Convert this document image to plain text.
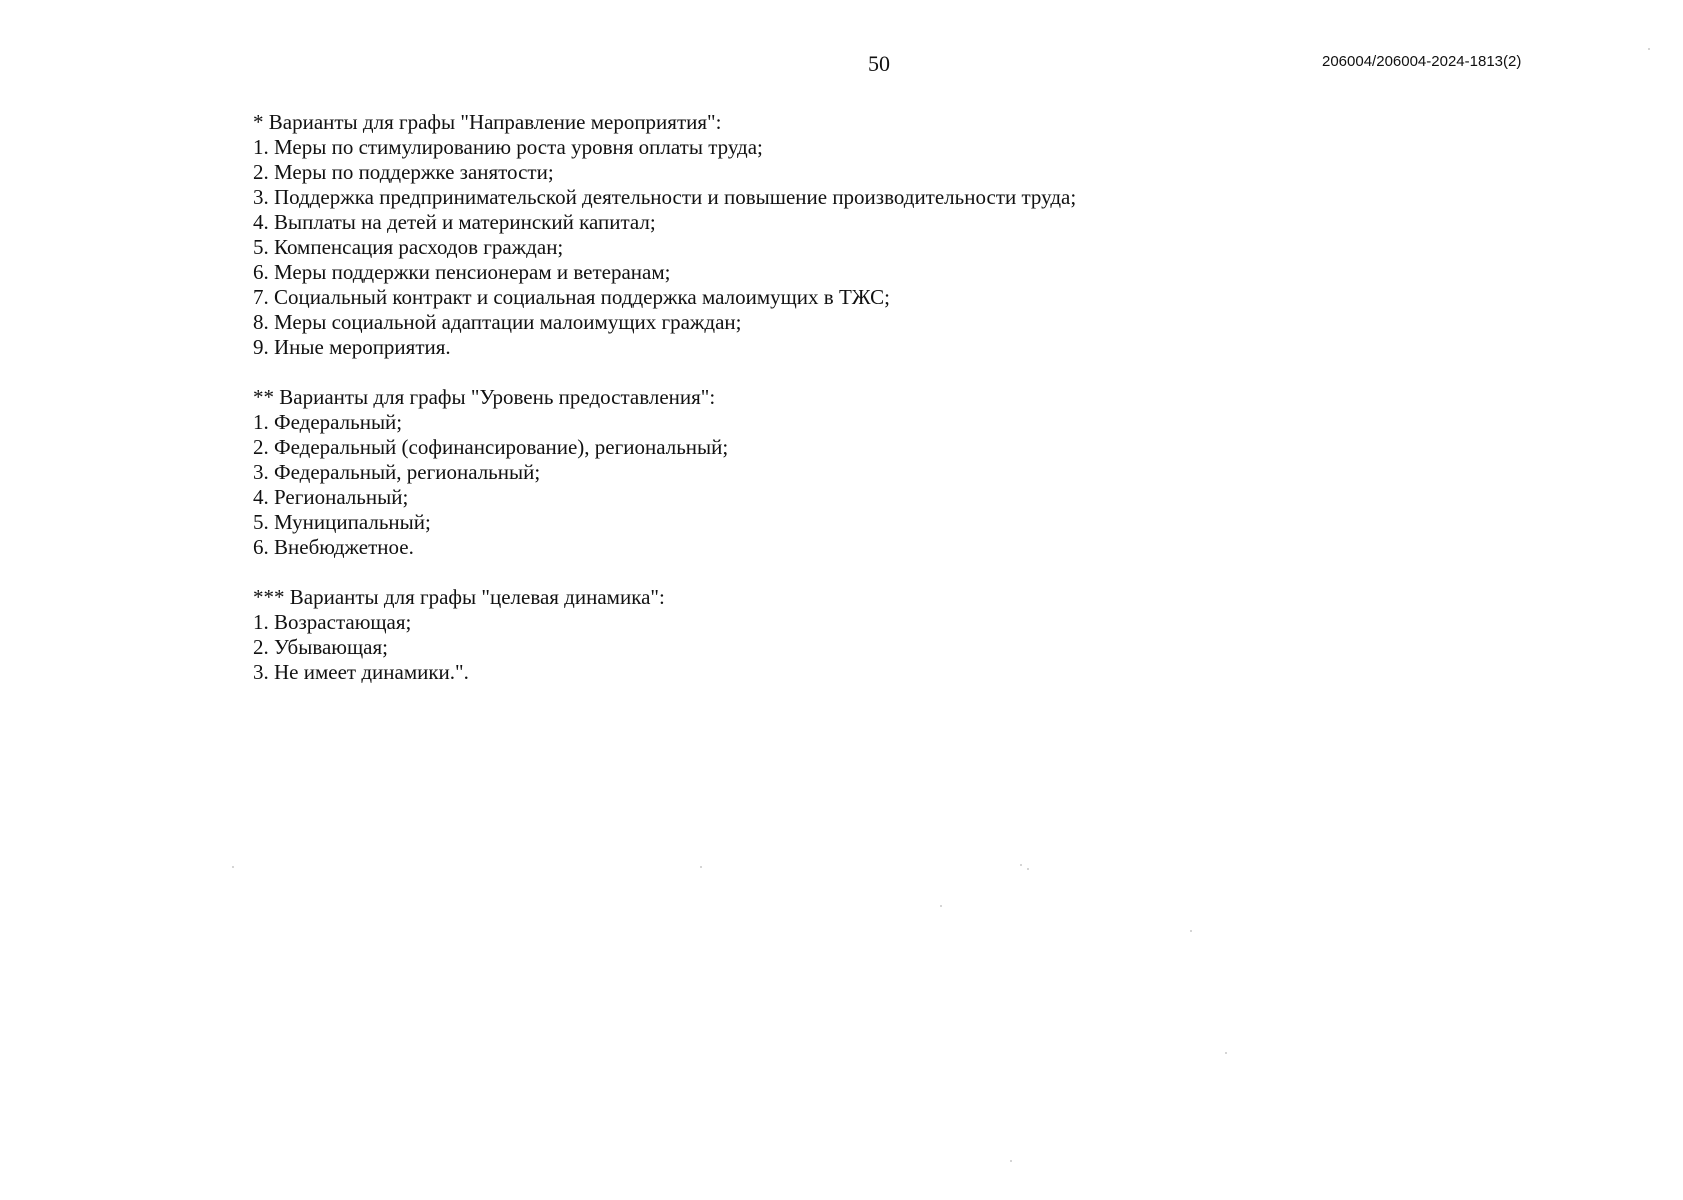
50	206004/206004-2024-1813(2)
* Варианты для графы "Направление мероприятия":
1. Меры по стимулированию роста уровня оплаты труда;
2. Меры по поддержке занятости;
3. Поддержка предпринимательской деятельности и повышение производительности труда;
4. Выплаты на детей и материнский капитал;
5. Компенсация расходов граждан;
6. Меры поддержки пенсионерам и ветеранам;
7. Социальный контракт и социальная поддержка малоимущих в ТЖС;
8. Меры социальной адаптации малоимущих граждан;
9. Иные мероприятия.
** Варианты для графы "Уровень предоставления":
1. Федеральный;
2. Федеральный (софинансирование), региональный;
3. Федеральный, региональный;
4. Региональный;
5. Муниципальный;
6. Внебюджетное.
*** Варианты для графы "целевая динамика":
1. Возрастающая;
2. Убывающая;
3. Не имеет динамики.".
